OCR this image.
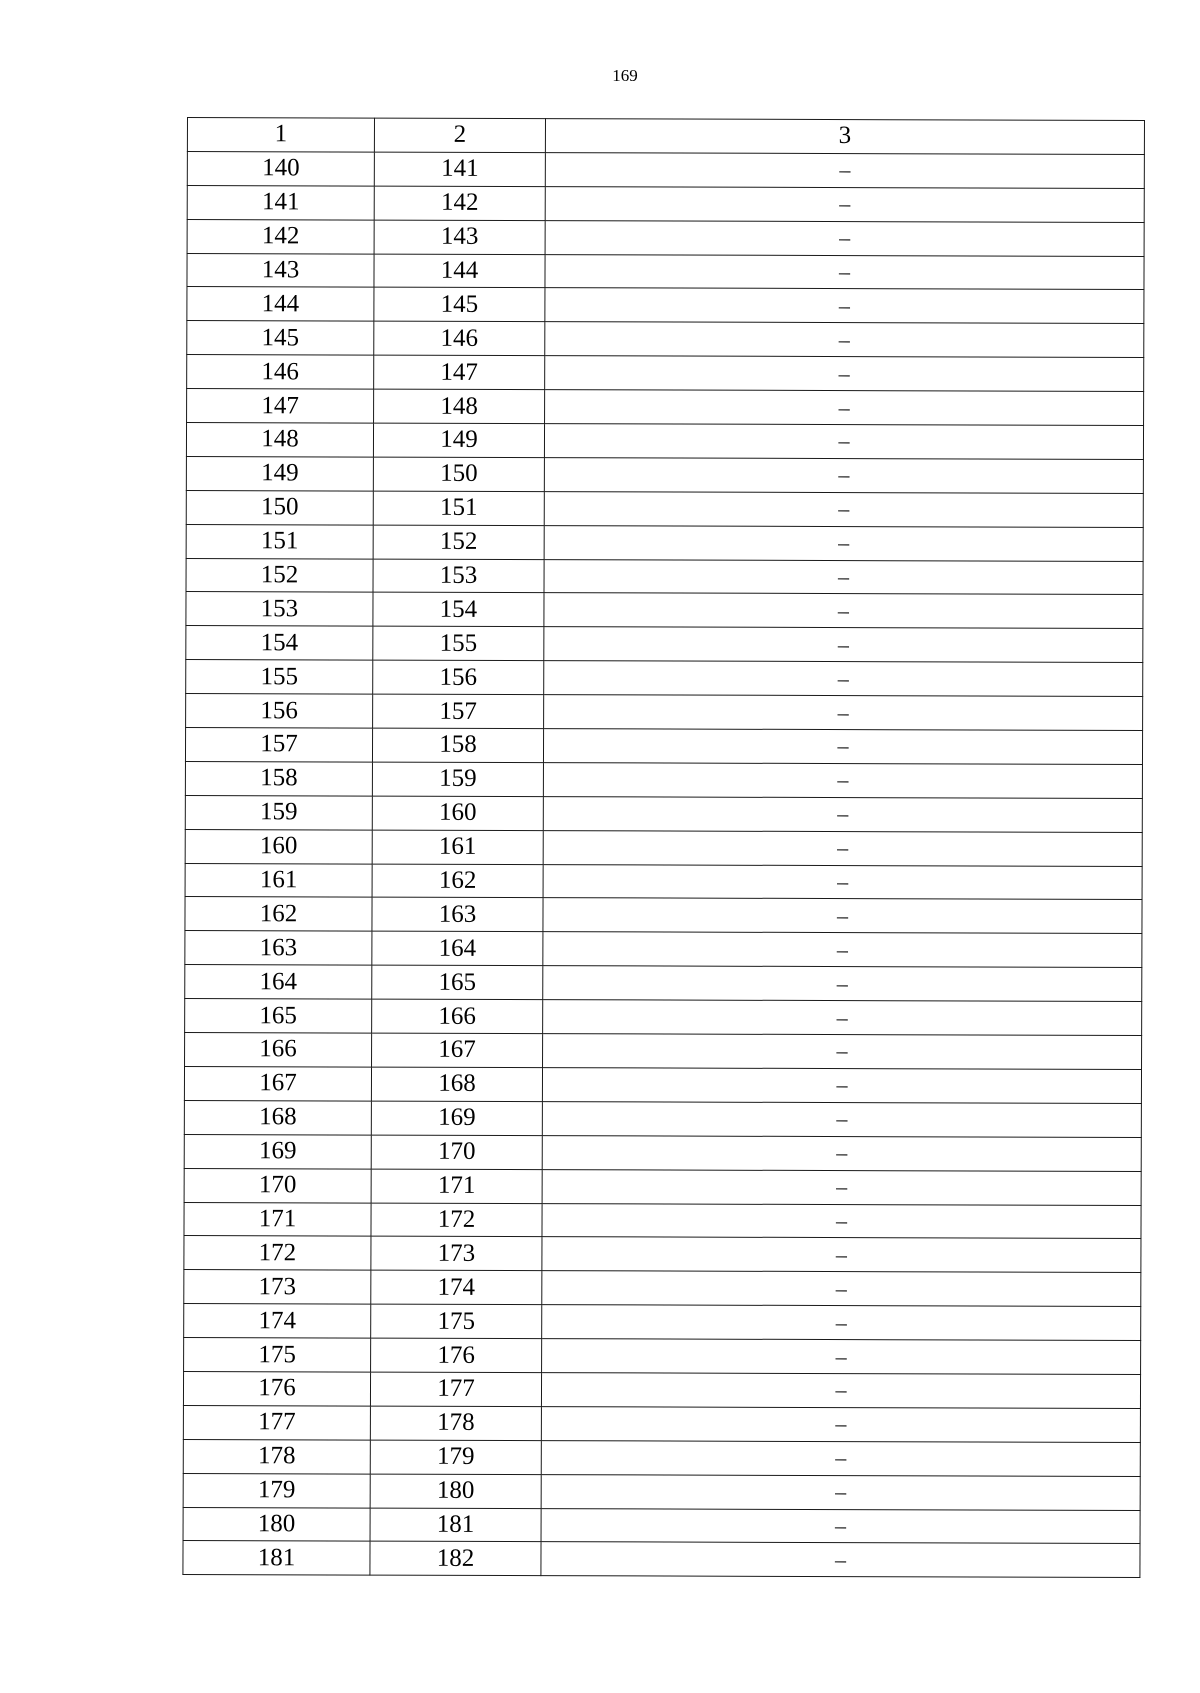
169
1	2	3
140	141	–
141	142	–
142	143	–
143	144	–
144	145	–
145	146	–
146	147	–
147	148	–
148	149	–
149	150	–
150	151	–
151	152	–
152	153	–
153	154	–
154	155	–
155	156	–
156	157	–
157	158	–
158	159	–
159	160	–
160	161	–
161	162	–
162	163	–
163	164	–
164	165	–
165	166	–
166	167	–
167	168	–
168	169	–
169	170	–
170	171	–
171	172	–
172	173	–
173	174	–
174	175	–
175	176	–
176	177	–
177	178	–
178	179	–
179	180	–
180	181	–
181	182	–
